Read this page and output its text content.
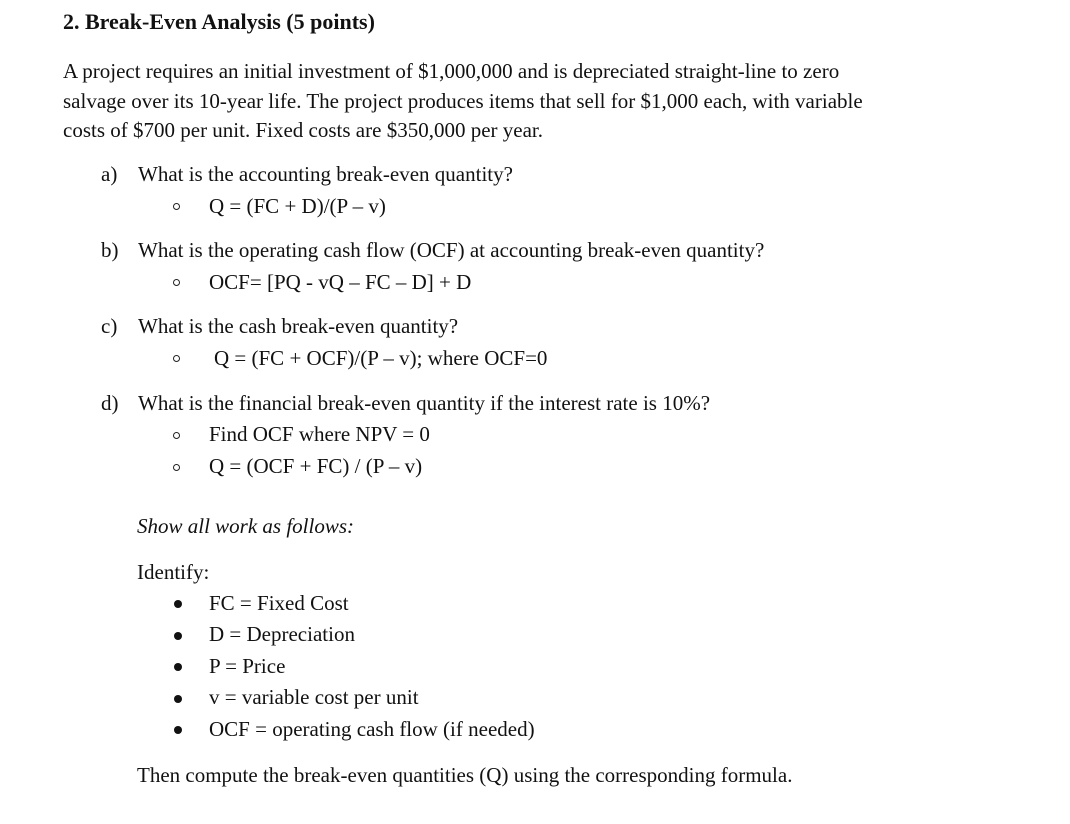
2. Break-Even Analysis (5 points)
A project requires an initial investment of $1,000,000 and is depreciated straight-line to zero
salvage over its 10-year life. The project produces items that sell for $1,000 each, with variable
costs of $700 per unit. Fixed costs are $350,000 per year.
a) What is the accounting break-even quantity?
Q = (FC + D)/(P – v)
b) What is the operating cash flow (OCF) at accounting break-even quantity?
OCF= [PQ - vQ – FC – D] + D
c) What is the cash break-even quantity?
Q = (FC + OCF)/(P – v); where OCF=0
d) What is the financial break-even quantity if the interest rate is 10%?
Find OCF where NPV = 0
Q = (OCF + FC) / (P – v)
Show all work as follows:
Identify:
FC = Fixed Cost
D = Depreciation
P = Price
v = variable cost per unit
OCF = operating cash flow (if needed)
Then compute the break-even quantities (Q) using the corresponding formula.
